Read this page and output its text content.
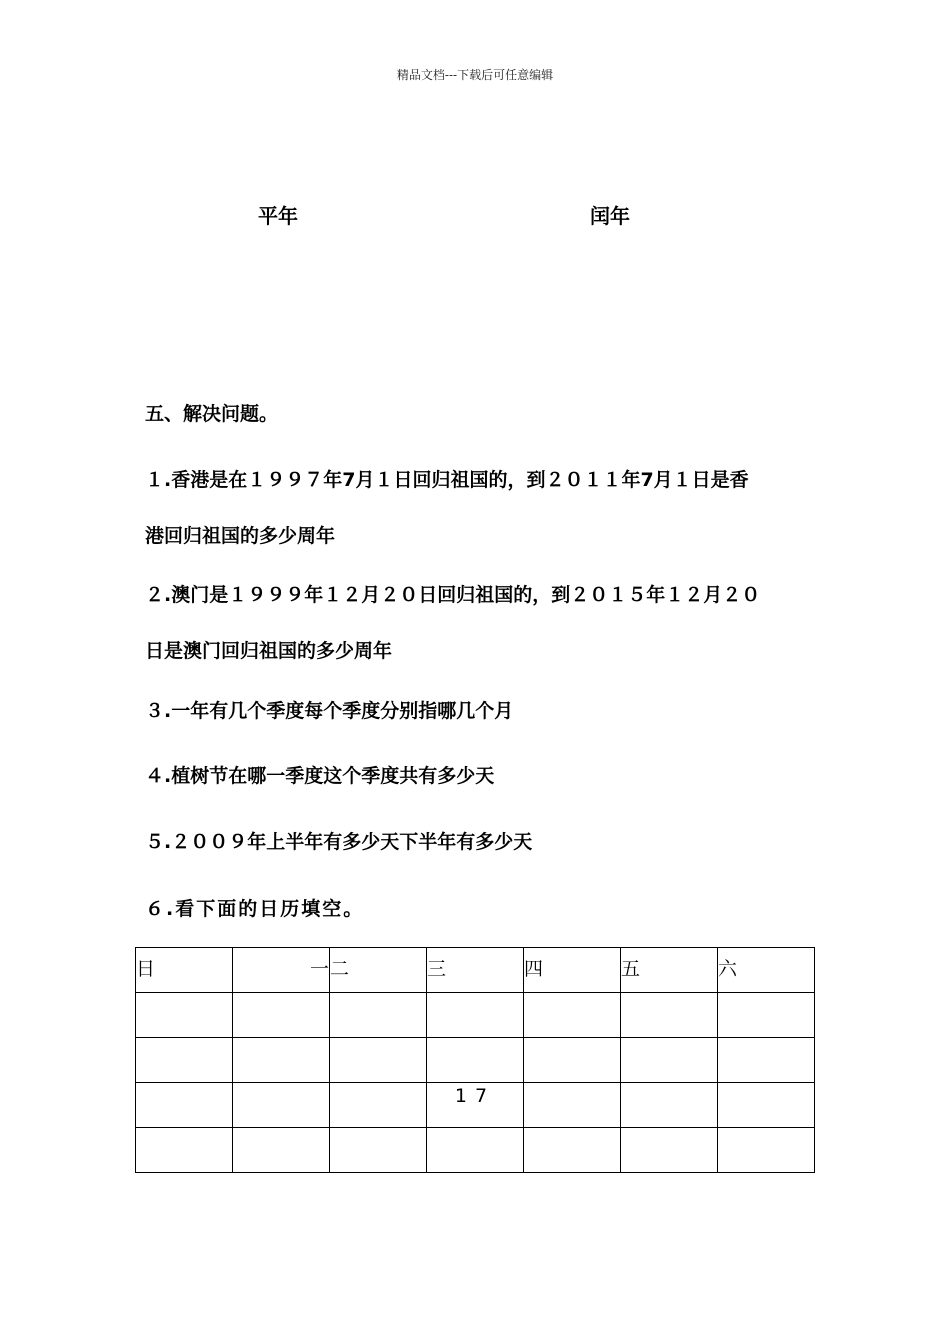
精品文档---下载后可任意编辑
平年	闰年
五、解决问题。
１.香港是在１９９７年7月１日回归祖国的，到２０１１年7月１日是香
港回归祖国的多少周年
２.澳门是１９９９年１２月２０日回归祖国的，到２０１５年１２月２０
日是澳门回归祖国的多少周年
３.一年有几个季度每个季度分别指哪几个月
４.植树节在哪一季度这个季度共有多少天
５.２００９年上半年有多少天下半年有多少天
６.看下面的日历填空。
日	一	二	三	四	五	六

			17			
